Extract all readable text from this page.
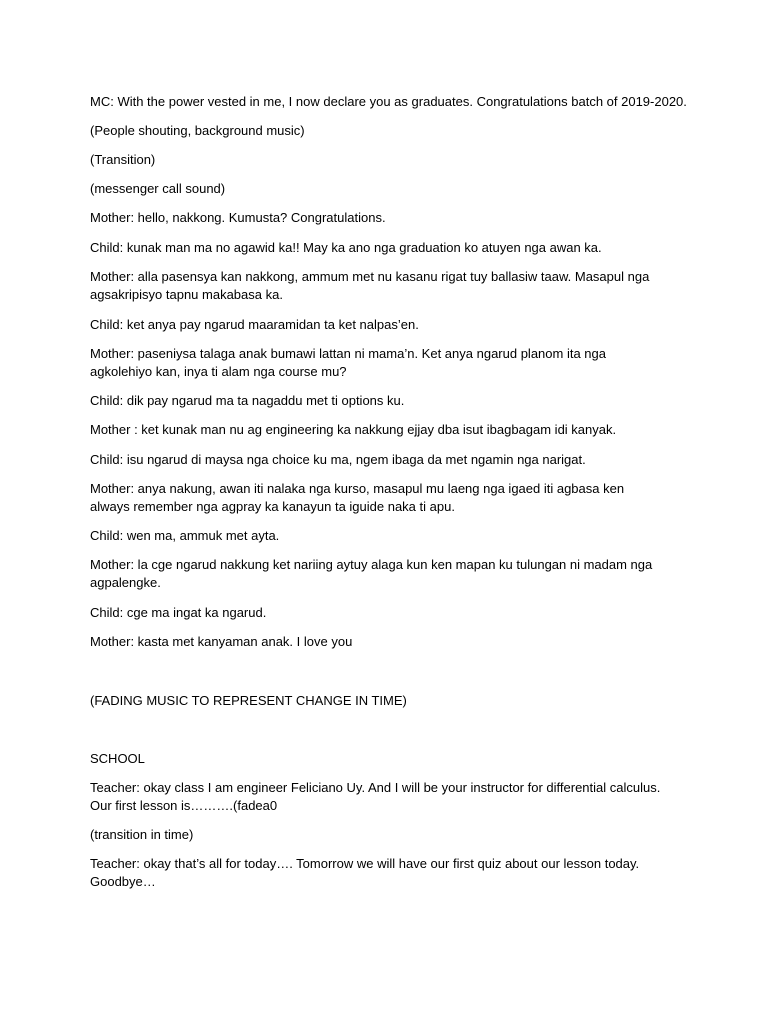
MC: With the power vested in me, I now declare you as graduates. Congratulations batch of 2019-2020.

(People shouting, background music)

(Transition)

(messenger call sound)

Mother: hello, nakkong. Kumusta? Congratulations.

Child: kunak man ma no agawid ka!! May ka ano nga graduation ko atuyen nga awan ka.

Mother: alla pasensya kan nakkong, ammum met nu kasanu rigat tuy ballasiw taaw. Masapul nga agsakripisyo tapnu makabasa ka.

Child: ket anya pay ngarud maaramidan ta ket nalpas’en.

Mother: paseniysa talaga anak bumawi lattan ni mama’n. Ket anya ngarud planom ita nga agkolehiyo kan, inya ti alam nga course mu?

Child: dik pay ngarud ma ta nagaddu met ti options ku.

Mother : ket kunak man nu ag engineering ka nakkung ejjay dba isut ibagbagam idi kanyak.

Child: isu ngarud di maysa nga choice ku ma, ngem ibaga da met ngamin nga narigat.

Mother: anya nakung, awan iti nalaka nga kurso, masapul mu laeng nga igaed iti agbasa ken always remember nga agpray ka kanayun ta iguide naka ti apu.

Child: wen ma, ammuk met ayta.

Mother: la cge ngarud nakkung ket nariing aytuy alaga kun ken mapan ku tulungan ni madam nga agpalengke.

Child: cge ma ingat ka ngarud.

Mother: kasta met kanyaman anak. I love you

(FADING MUSIC TO REPRESENT CHANGE IN TIME)

SCHOOL

Teacher: okay class I am engineer Feliciano Uy. And I will be your instructor for differential calculus. Our first lesson is……….(fadea0

(transition in time)

Teacher: okay that’s all for today…. Tomorrow we will have our first quiz about our lesson today. Goodbye…
